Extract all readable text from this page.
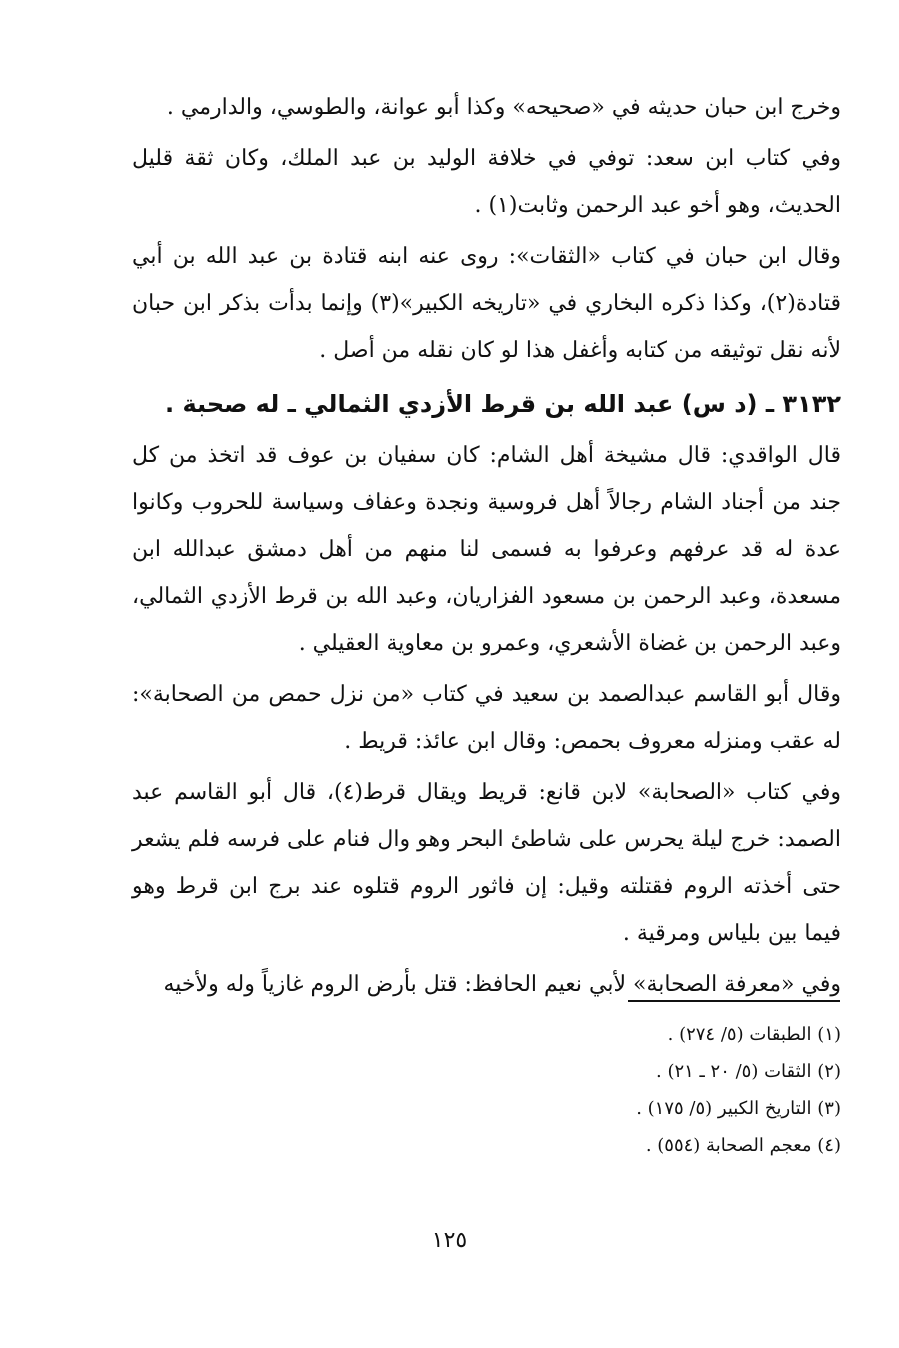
وخرج ابن حبان حديثه في «صحيحه» وكذا أبو عوانة، والطوسي، والدارمي .

وفي كتاب ابن سعد: توفي في خلافة الوليد بن عبد الملك، وكان ثقة قليل الحديث، وهو أخو عبد الرحمن وثابت(١) .

وقال ابن حبان في كتاب «الثقات»: روى عنه ابنه قتادة بن عبد الله بن أبي قتادة(٢)، وكذا ذكره البخاري في «تاريخه الكبير»(٣) وإنما بدأت بذكر ابن حبان لأنه نقل توثيقه من كتابه وأغفل هذا لو كان نقله من أصل .

٣١٣٢ ـ (د س) عبد الله بن قرط الأزدي الثمالي ـ له صحبة .

قال الواقدي: قال مشيخة أهل الشام: كان سفيان بن عوف قد اتخذ من كل جند من أجناد الشام رجالاً أهل فروسية ونجدة وعفاف وسياسة للحروب وكانوا عدة له قد عرفهم وعرفوا به فسمى لنا منهم من أهل دمشق عبدالله ابن مسعدة، وعبد الرحمن بن مسعود الفزاريان، وعبد الله بن قرط الأزدي الثمالي، وعبد الرحمن بن غضاة الأشعري، وعمرو بن معاوية العقيلي .

وقال أبو القاسم عبدالصمد بن سعيد في كتاب «من نزل حمص من الصحابة»: له عقب ومنزله معروف بحمص: وقال ابن عائذ: قريط .

وفي كتاب «الصحابة» لابن قانع: قريط ويقال قرط(٤)، قال أبو القاسم عبد الصمد: خرج ليلة يحرس على شاطئ البحر وهو وال فنام على فرسه فلم يشعر حتى أخذته الروم فقتلته وقيل: إن فاثور الروم قتلوه عند برج ابن قرط وهو فيما بين بلياس ومرقية .

وفي «معرفة الصحابة» لأبي نعيم الحافظ: قتل بأرض الروم غازياً وله ولأخيه

(١) الطبقات (٥/ ٢٧٤) .

(٢) الثقات (٥/ ٢٠ ـ ٢١) .

(٣) التاريخ الكبير (٥/ ١٧٥) .

(٤) معجم الصحابة (٥٥٤) .

١٢٥
